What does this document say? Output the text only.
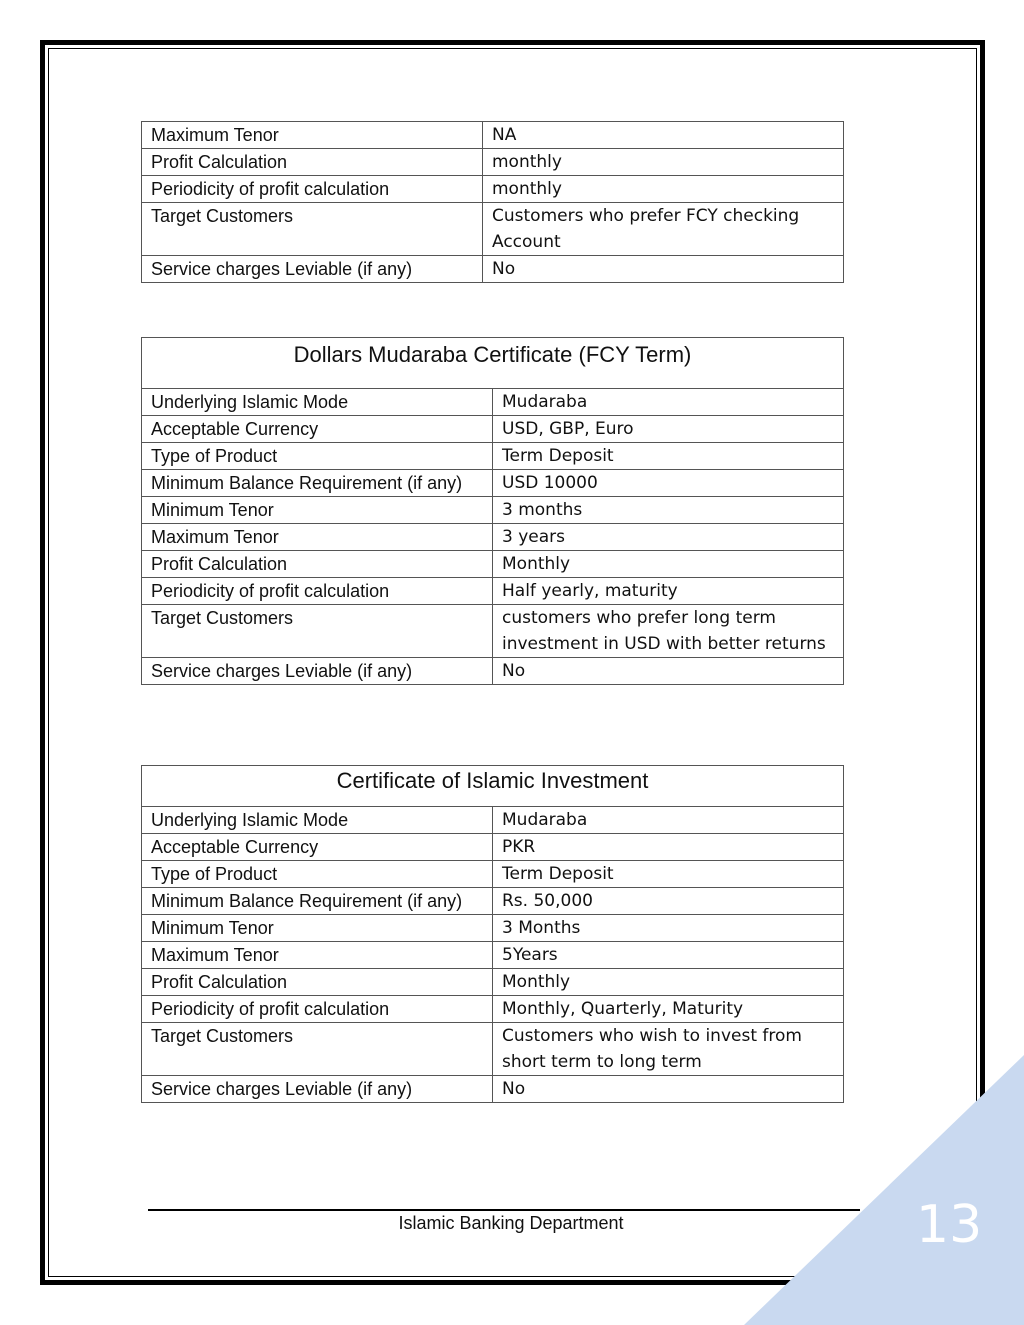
Maximum Tenor	NA
Profit Calculation	monthly
Periodicity of profit calculation	monthly
Target Customers	Customers who prefer FCY checking Account
Service charges Leviable (if any)	No
Dollars Mudaraba Certificate (FCY Term)	
Underlying Islamic Mode	Mudaraba
Acceptable Currency	USD, GBP, Euro
Type of Product	Term Deposit
Minimum Balance Requirement (if any)	USD 10000
Minimum Tenor	3 months
Maximum Tenor	3 years
Profit Calculation	Monthly
Periodicity of profit calculation	Half yearly, maturity
Target Customers	customers who prefer long term investment in USD with better returns
Service charges Leviable (if any)	No
Certificate of Islamic Investment	
Underlying Islamic Mode	Mudaraba
Acceptable Currency	PKR
Type of Product	Term Deposit
Minimum Balance Requirement (if any)	Rs. 50,000
Minimum Tenor	3 Months
Maximum Tenor	5Years
Profit Calculation	Monthly
Periodicity of profit calculation	Monthly, Quarterly, Maturity
Target Customers	Customers who wish to invest from short term to long term
Service charges Leviable (if any)	No
Islamic Banking Department	13
